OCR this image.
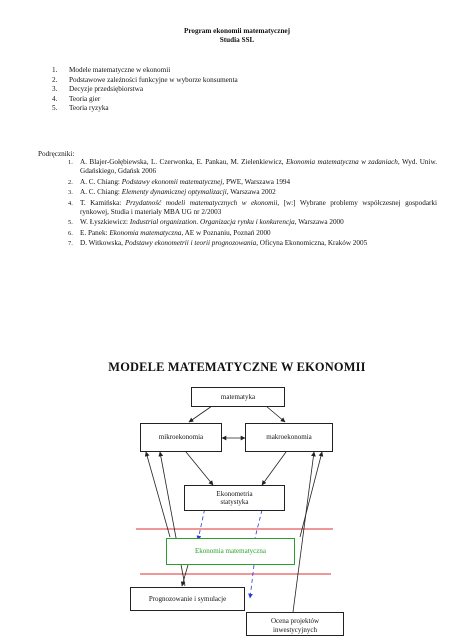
Program ekonomii matematycznej
Studia SSL
1.	Modele matematyczne w ekonomii
2.	Podstawowe zależności funkcyjne w wyborze konsumenta
3.	Decyzje przedsiębiorstwa
4.	Teoria gier
5.	Teoria ryzyka
Podręczniki:
1. A. Blajer-Gołębiewska, L. Czerwonka, E. Pankau, M. Zielenkiewicz, Ekonomia matematyczna w zadaniach, Wyd. Uniw. Gdańskiego, Gdańsk 2006
2. A. C. Chiang: Podstawy ekonomii matematycznej, PWE, Warszawa 1994
3. A. C. Chiang: Elementy dynamicznej optymalizacji, Warszawa 2002
4. T. Kamińska: Przydatność modeli matematycznych w ekonomii, [w:] Wybrane problemy współczesnej gospodarki rynkowej, Studia i materiały MBA UG nr 2/2003
5. W. Łyszkiewicz: Industrial organization. Organizacja rynku i konkurencja, Warszawa 2000
6. E. Panek: Ekonomia matematyczna, AE w Poznaniu, Poznań 2000
7. D. Witkowska, Podstawy ekonometrii i teorii prognozowania, Oficyna Ekonomiczna, Kraków 2005
MODELE MATEMATYCZNE W EKONOMII
matematyka
mikroekonomia	makroekonomia
Ekonometria
statystyka
Ekonomia matematyczna
Prognozowanie i symulacje
Ocena projektów
inwestycyjnych
